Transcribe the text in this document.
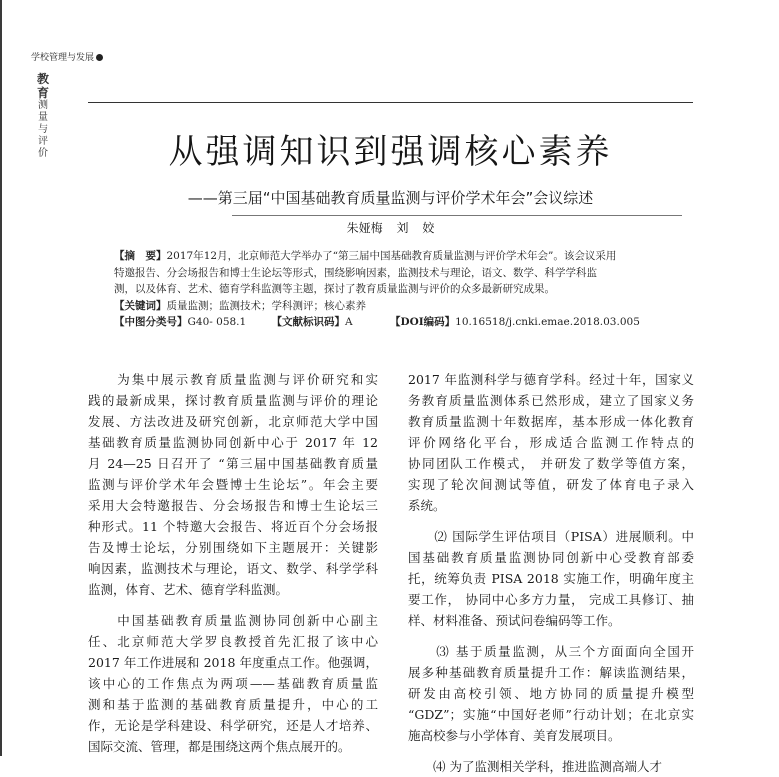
学校管理与发展
教
育
测
量
与
评
价	从强调知识到强调核心素养
——第三届“中国基础教育质量监测与评价学术年会”会议综述
朱娅梅 刘 姣

【摘　要】2017年12月，北京师范大学举办了“第三届中国基础教育质量监测与评价学术年会”。该会议采用

特邀报告、分会场报告和博士生论坛等形式，围绕影响因素，监测技术与理论，语文、数学、科学学科监

测，以及体育、艺术、德育学科监测等主题，探讨了教育质量监测与评价的众多最新研究成果。

【关键词】质量监测；监测技术；学科测评；核心素养

【中图分类号】G40- 058.1 【文献标识码】A	【DOI编码】10.16518/j.cnki.emae.2018.03.005

　　为集中展示教育质量监测与评价研究和实
践的最新成果，探讨教育质量监测与评价的理论
发展、方法改进及研究创新，北京师范大学中国
基础教育质量监测协同创新中心于 2017 年 12
月 24—25 日召开了 “第三届中国基础教育质量
监测与评价学术年会暨博士生论坛”。年会主要
采用大会特邀报告、分会场报告和博士生论坛三
种形式。11 个特邀大会报告、将近百个分会场报
告及博士论坛，分别围绕如下主题展开：关键影
响因素，监测技术与理论，语文、数学、科学学科
监测，体育、艺术、德育学科监测。
　　中国基础教育质量监测协同创新中心副主
任、北京师范大学罗良教授首先汇报了该中心
2017 年工作进展和 2018 年度重点工作。他强调，
该中心的工作焦点为两项——基础教育质量监
测和基于监测的基础教育质量提升，中心的工
作，无论是学科建设、科学研究，还是人才培养、
国际交流、管理，都是围绕这两个焦点展开的。
2017 年监测科学与德育学科。经过十年，国家义
务教育质量监测体系已然形成，建立了国家义务
教育质量监测十年数据库，基本形成一体化教育
评价网络化平台，形成适合监测工作特点的
协同团队工作模式， 并研发了数学等值方案，
实现了轮次间测试等值，研发了体育电子录入
系统。
　　⑵ 国际学生评估项目（PISA）进展顺利。中
国基础教育质量监测协同创新中心受教育部委
托，统筹负责 PISA 2018 实施工作，明确年度主
要工作， 协同中心多方力量， 完成工具修订、抽
样、材料准备、预试问卷编码等工作。
　　⑶ 基于质量监测，从三个方面面向全国开
展多种基础教育质量提升工作：解读监测结果，
研发由高校引领、地方协同的质量提升模型
“GDZ”；实施“中国好老师”行动计划；在北京实
施高校参与小学体育、美育发展项目。
　　⑷ 为了监测相关学科，推进监测高端人才
